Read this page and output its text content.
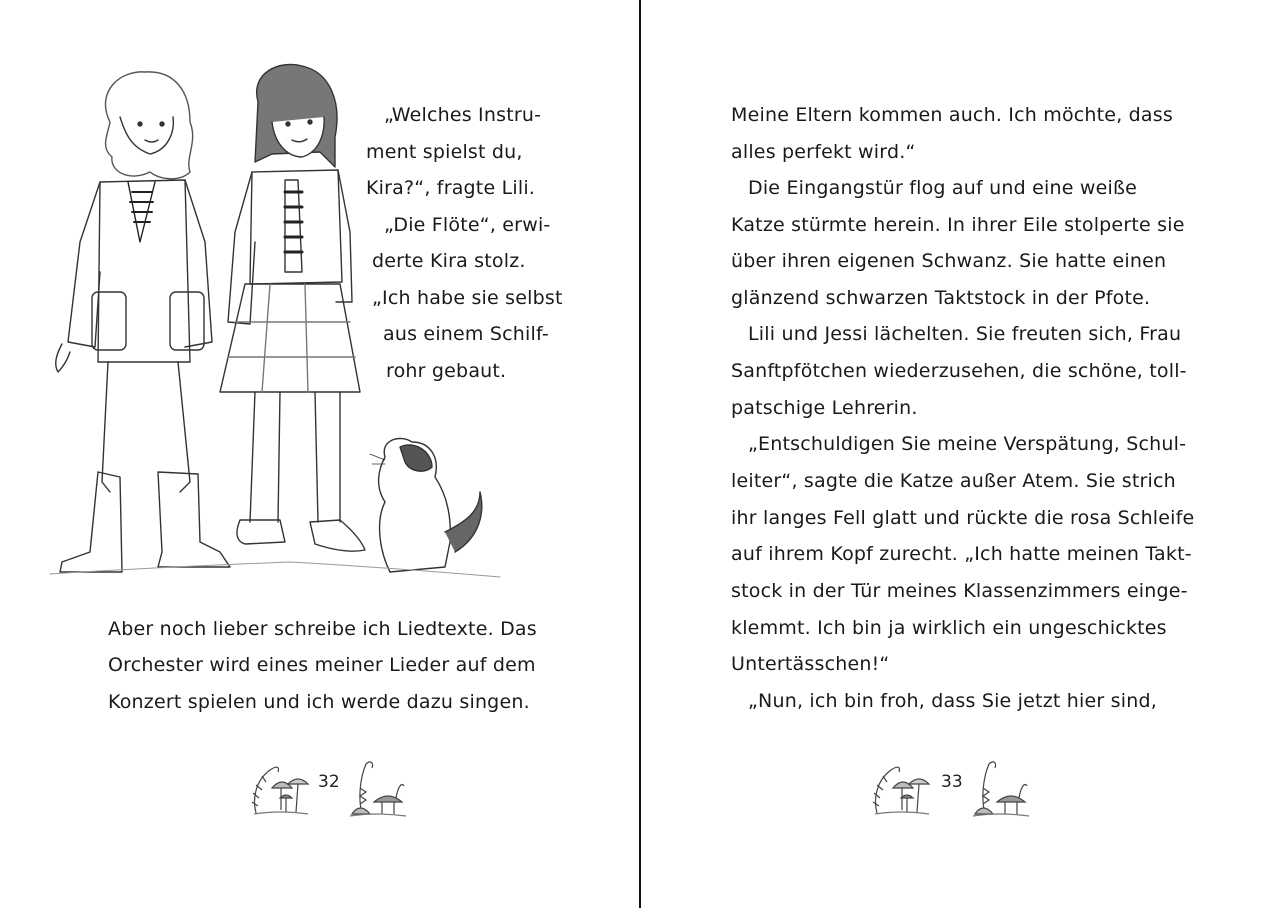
„Welches Instru-
ment spielst du,
Kira?“, fragte Lili.
„Die Flöte“, erwi-
derte Kira stolz.
„Ich habe sie selbst
aus einem Schilf-
rohr gebaut.
Aber noch lieber schreibe ich Liedtexte. Das
Orchester wird eines meiner Lieder auf dem
Konzert spielen und ich werde dazu singen.
32
Meine Eltern kommen auch. Ich möchte, dass
alles perfekt wird.“
Die Eingangstür flog auf und eine weiße
Katze stürmte herein. In ihrer Eile stolperte sie
über ihren eigenen Schwanz. Sie hatte einen
glänzend schwarzen Taktstock in der Pfote.
Lili und Jessi lächelten. Sie freuten sich, Frau
Sanftpfötchen wiederzusehen, die schöne, toll-
patschige Lehrerin.
„Entschuldigen Sie meine Verspätung, Schul-
leiter“, sagte die Katze außer Atem. Sie strich
ihr langes Fell glatt und rückte die rosa Schleife
auf ihrem Kopf zurecht. „Ich hatte meinen Takt-
stock in der Tür meines Klassenzimmers einge-
klemmt. Ich bin ja wirklich ein ungeschicktes
Untertässchen!“
„Nun, ich bin froh, dass Sie jetzt hier sind,
33
